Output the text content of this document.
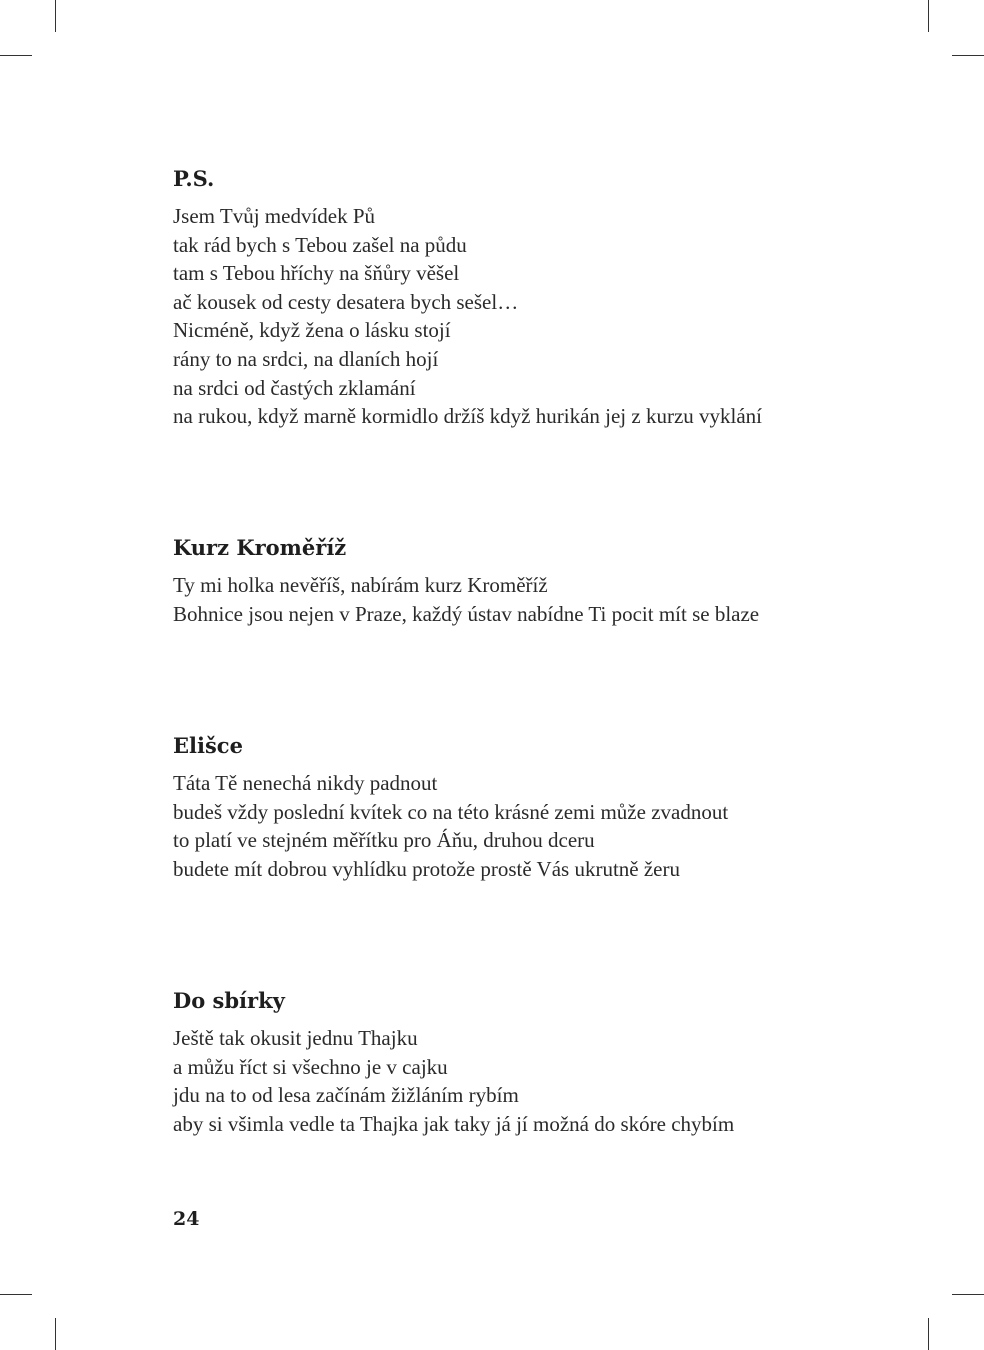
P.S.
Jsem Tvůj medvídek Pů
tak rád bych s Tebou zašel na půdu
tam s Tebou hříchy na šňůry věšel
ač kousek od cesty desatera bych sešel…
Nicméně, když žena o lásku stojí
rány to na srdci, na dlaních hojí
na srdci od častých zklamání
na rukou, když marně kormidlo držíš když hurikán jej z kurzu vyklání
Kurz Kroměříž
Ty mi holka nevěříš, nabírám kurz Kroměříž
Bohnice jsou nejen v Praze, každý ústav nabídne Ti pocit mít se blaze
Elišce
Táta Tě nenechá nikdy padnout
budeš vždy poslední kvítek co na této krásné zemi může zvadnout
to platí ve stejném měřítku pro Áňu, druhou dceru
budete mít dobrou vyhlídku protože prostě Vás ukrutně žeru
Do sbírky
Ještě tak okusit jednu Thajku
a můžu říct si všechno je v cajku
jdu na to od lesa začínám žižláním rybím
aby si všimla vedle ta Thajka jak taky já jí možná do skóre chybím
24
